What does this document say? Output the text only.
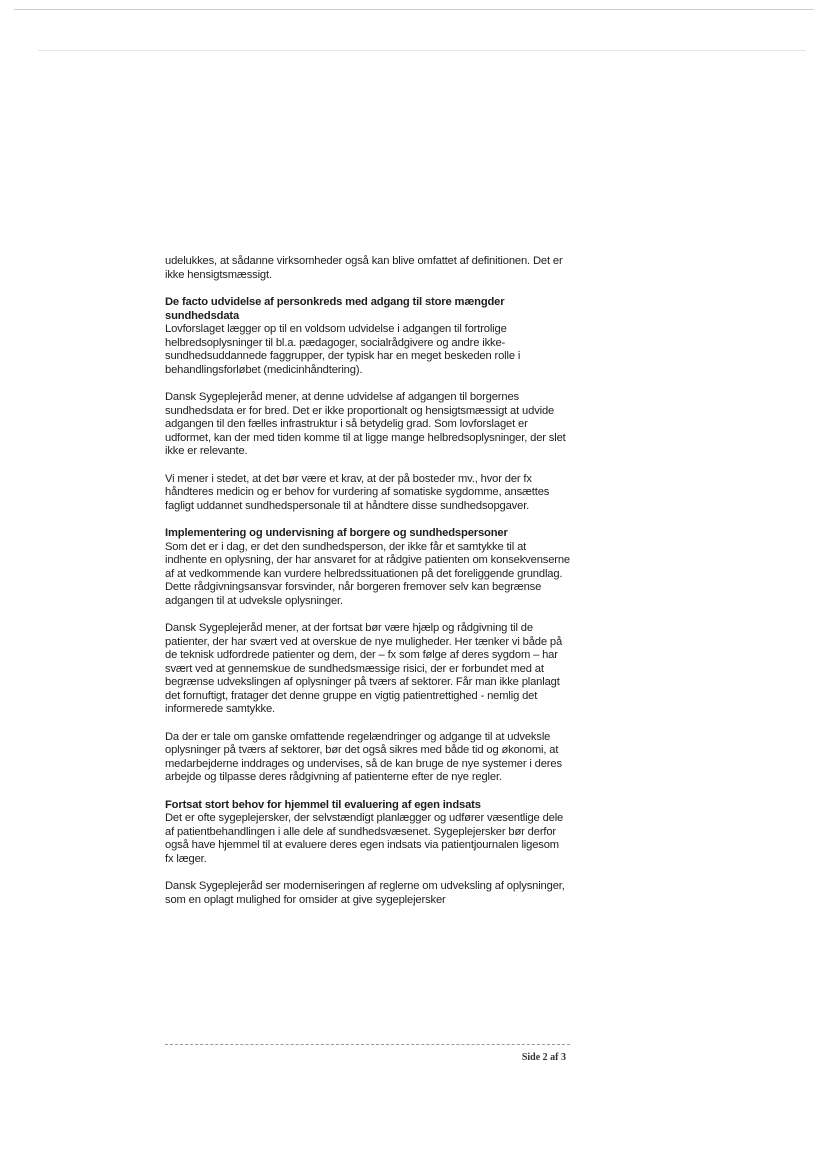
udelukkes, at sådanne virksomheder også kan blive omfattet af definitionen. Det er ikke hensigtsmæssigt.
De facto udvidelse af personkreds med adgang til store mængder sundhedsdata
Lovforslaget lægger op til en voldsom udvidelse i adgangen til fortrolige helbredsoplysninger til bl.a. pædagoger, socialrådgivere og andre ikke-sundhedsuddannede faggrupper, der typisk har en meget beskeden rolle i behandlingsforløbet (medicinhåndtering).
Dansk Sygeplejeråd mener, at denne udvidelse af adgangen til borgernes sundhedsdata er for bred. Det er ikke proportionalt og hensigtsmæssigt at udvide adgangen til den fælles infrastruktur i så betydelig grad. Som lovforslaget er udformet, kan der med tiden komme til at ligge mange helbredsoplysninger, der slet ikke er relevante.
Vi mener i stedet, at det bør være et krav, at der på bosteder mv., hvor der fx håndteres medicin og er behov for vurdering af somatiske sygdomme, ansættes fagligt uddannet sundhedspersonale til at håndtere disse sundhedsopgaver.
Implementering og undervisning af borgere og sundhedspersoner
Som det er i dag, er det den sundhedsperson, der ikke får et samtykke til at indhente en oplysning, der har ansvaret for at rådgive patienten om konsekvenserne af at vedkommende kan vurdere helbredssituationen på det foreliggende grundlag. Dette rådgivningsansvar forsvinder, når borgeren fremover selv kan begrænse adgangen til at udveksle oplysninger.
Dansk Sygeplejeråd mener, at der fortsat bør være hjælp og rådgivning til de patienter, der har svært ved at overskue de nye muligheder. Her tænker vi både på de teknisk udfordrede patienter og dem, der – fx som følge af deres sygdom – har svært ved at gennemskue de sundhedsmæssige risici, der er forbundet med at begrænse udvekslingen af oplysninger på tværs af sektorer. Får man ikke planlagt det fornuftigt, fratager det denne gruppe en vigtig patientrettighed - nemlig det informerede samtykke.
Da der er tale om ganske omfattende regelændringer og adgange til at udveksle oplysninger på tværs af sektorer, bør det også sikres med både tid og økonomi, at medarbejderne inddrages og undervises, så de kan bruge de nye systemer i deres arbejde og tilpasse deres rådgivning af patienterne efter de nye regler.
Fortsat stort behov for hjemmel til evaluering af egen indsats
Det er ofte sygeplejersker, der selvstændigt planlægger og udfører væsentlige dele af patientbehandlingen i alle dele af sundhedsvæsenet. Sygeplejersker bør derfor også have hjemmel til at evaluere deres egen indsats via patientjournalen ligesom fx læger.
Dansk Sygeplejeråd ser moderniseringen af reglerne om udveksling af oplysninger, som en oplagt mulighed for omsider at give sygeplejersker
Side 2 af 3
